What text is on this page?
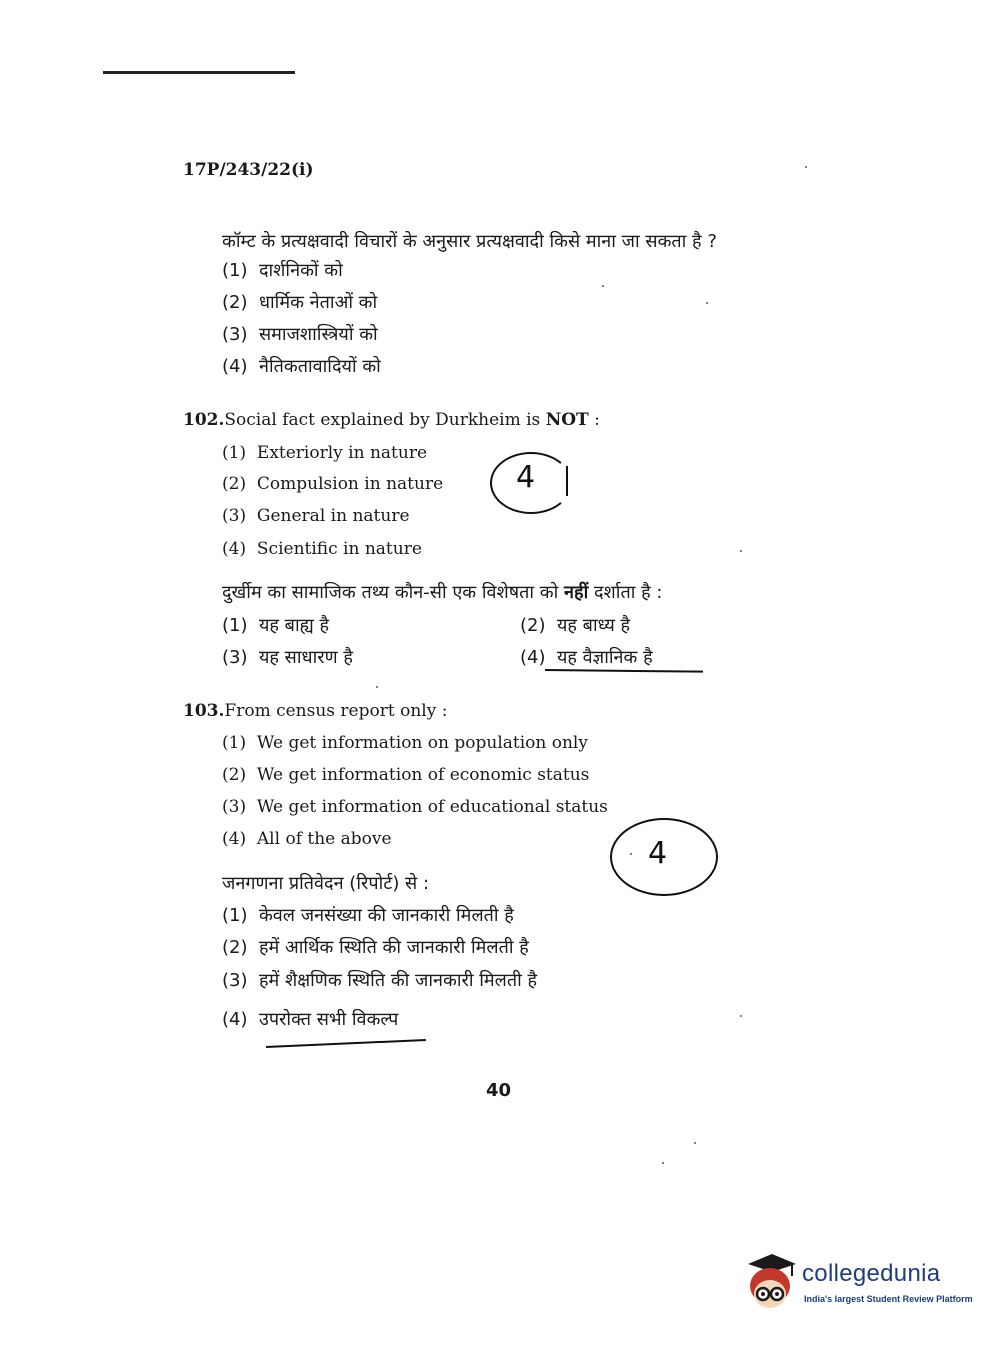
17P/243/22(i)
कॉम्ट के प्रत्यक्षवादी विचारों के अनुसार प्रत्यक्षवादी किसे माना जा सकता है ?
(1) दार्शनिकों को
(2) धार्मिक नेताओं को
(3) समाजशास्त्रियों को
(4) नैतिकतावादियों को
102.Social fact explained by Durkheim is NOT :
(1) Exteriorly in nature
(2) Compulsion in nature
(3) General in nature
(4) Scientific in nature
4
दुर्खीम का सामाजिक तथ्य कौन-सी एक विशेषता को नहीं दर्शाता है :
(1) यह बाह्य है	(2) यह बाध्य है
(3) यह साधारण है	(4) यह वैज्ञानिक है
103.From census report only :
(1) We get information on population only
(2) We get information of economic status
(3) We get information of educational status
(4) All of the above	4
जनगणना प्रतिवेदन (रिपोर्ट) से :
(1) केवल जनसंख्या की जानकारी मिलती है
(2) हमें आर्थिक स्थिति की जानकारी मिलती है
(3) हमें शैक्षणिक स्थिति की जानकारी मिलती है
(4) उपरोक्त सभी विकल्प
40
collegedunia
India's largest Student Review Platform
